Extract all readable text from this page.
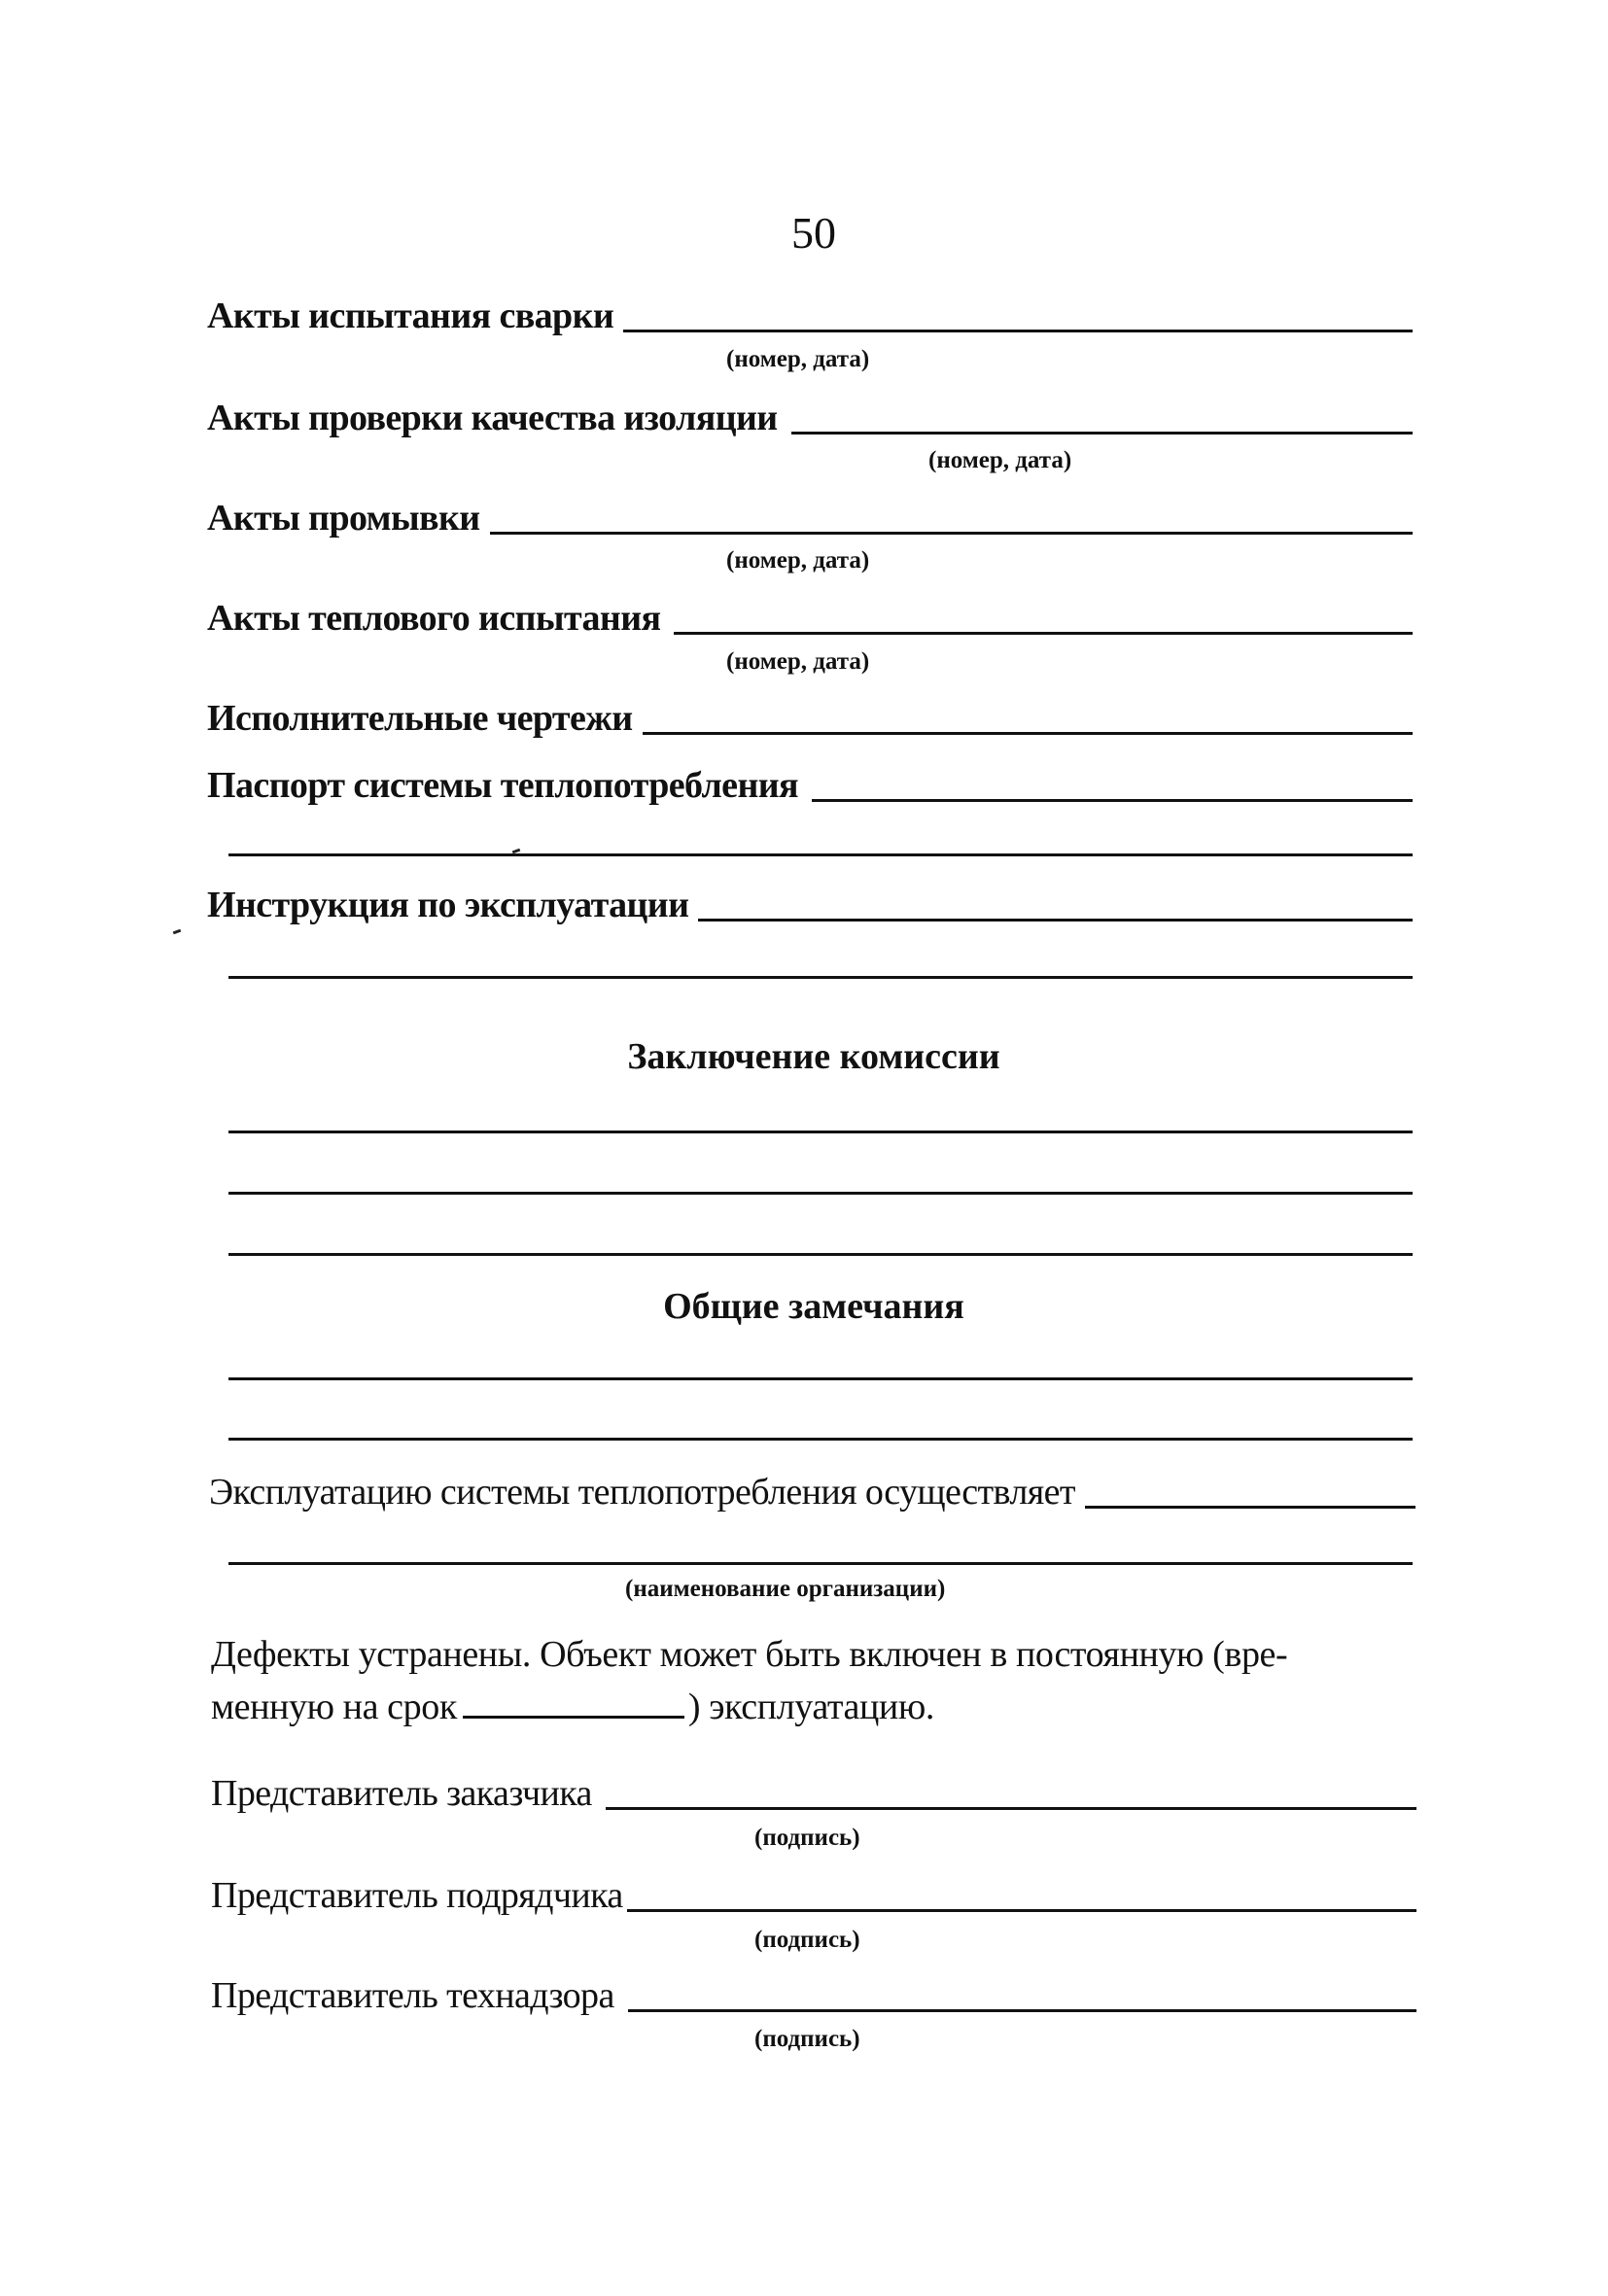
50
Акты испытания сварки
(номер, дата)
Акты проверки качества изоляции
(номер, дата)
Акты промывки
(номер, дата)
Акты теплового испытания
(номер, дата)
Исполнительные чертежи
Паспорт системы теплопотребления
Инструкция по эксплуатации
Заключение комиссии
Общие замечания
Эксплуатацию системы теплопотребления осуществляет
(наименование организации)
Дефекты устранены. Объект может быть включен в постоянную (вре-
менную на срок	) эксплуатацию.
Представитель заказчика
(подпись)
Представитель подрядчика
(подпись)
Представитель технадзора
(подпись)
